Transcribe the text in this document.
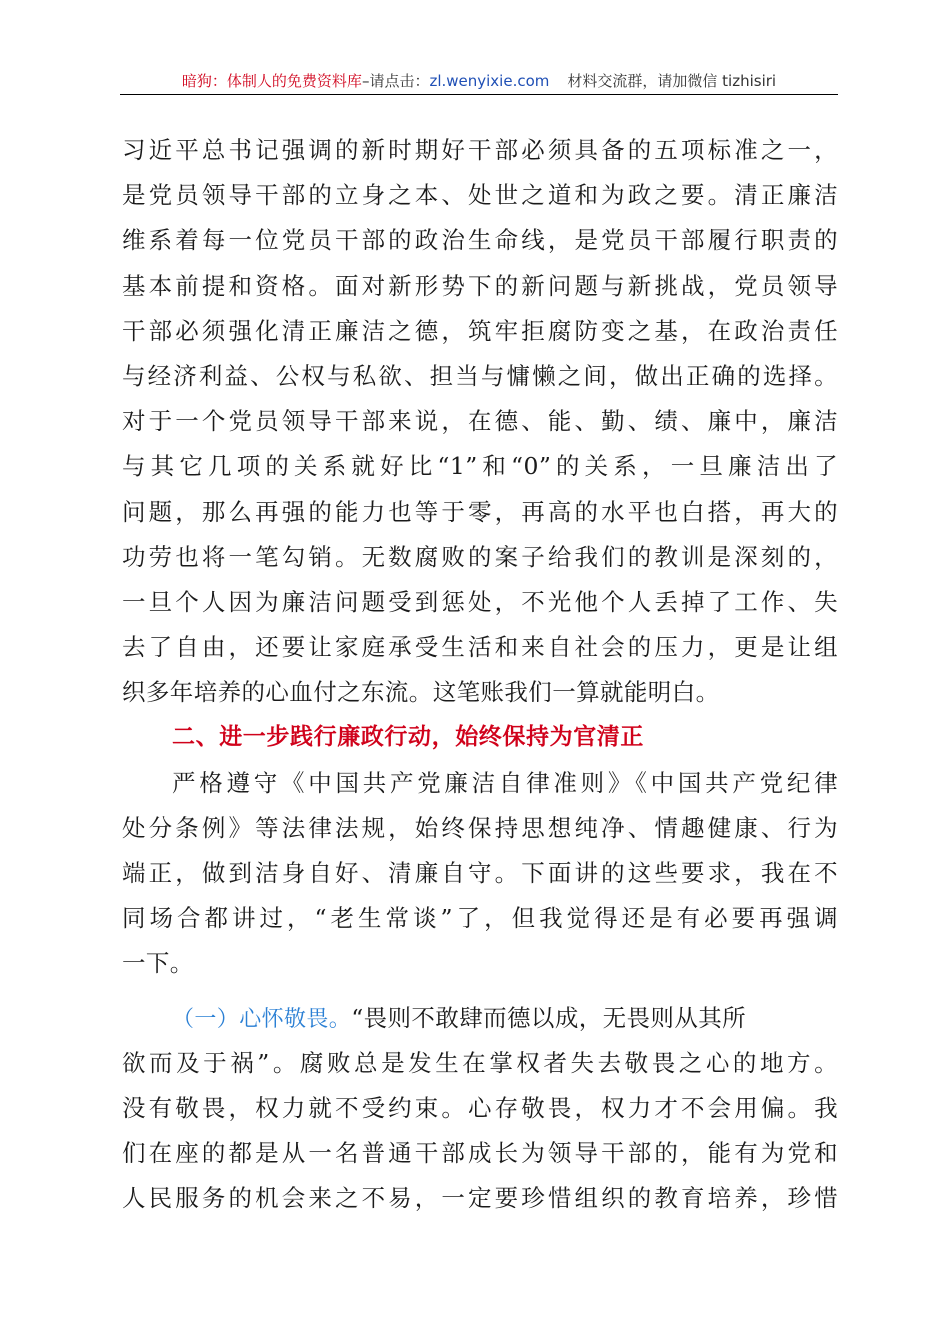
暗狗：体制人的免费资料库–请点击：zl.wenyixie.com 材料交流群，请加微信 tizhisiri
习近平总书记强调的新时期好干部必须具备的五项标准之一，
是党员领导干部的立身之本、处世之道和为政之要。清正廉洁
维系着每一位党员干部的政治生命线，是党员干部履行职责的
基本前提和资格。面对新形势下的新问题与新挑战，党员领导
干部必须强化清正廉洁之德，筑牢拒腐防变之基，在政治责任
与经济利益、公权与私欲、担当与慵懒之间，做出正确的选择。
对于一个党员领导干部来说，在德、能、勤、绩、廉中，廉洁
与其它几项的关系就好比“1”和“0”的关系，一旦廉洁出了
问题，那么再强的能力也等于零，再高的水平也白搭，再大的
功劳也将一笔勾销。无数腐败的案子给我们的教训是深刻的，
一旦个人因为廉洁问题受到惩处，不光他个人丢掉了工作、失
去了自由，还要让家庭承受生活和来自社会的压力，更是让组
织多年培养的心血付之东流。这笔账我们一算就能明白。
二、进一步践行廉政行动，始终保持为官清正
严格遵守《中国共产党廉洁自律准则》《中国共产党纪律
处分条例》等法律法规，始终保持思想纯净、情趣健康、行为
端正，做到洁身自好、清廉自守。下面讲的这些要求，我在不
同场合都讲过，“老生常谈”了，但我觉得还是有必要再强调
一下。
（一）心怀敬畏。“畏则不敢肆而德以成，无畏则从其所
欲而及于祸”。腐败总是发生在掌权者失去敬畏之心的地方。
没有敬畏，权力就不受约束。心存敬畏，权力才不会用偏。我
们在座的都是从一名普通干部成长为领导干部的，能有为党和
人民服务的机会来之不易，一定要珍惜组织的教育培养，珍惜
